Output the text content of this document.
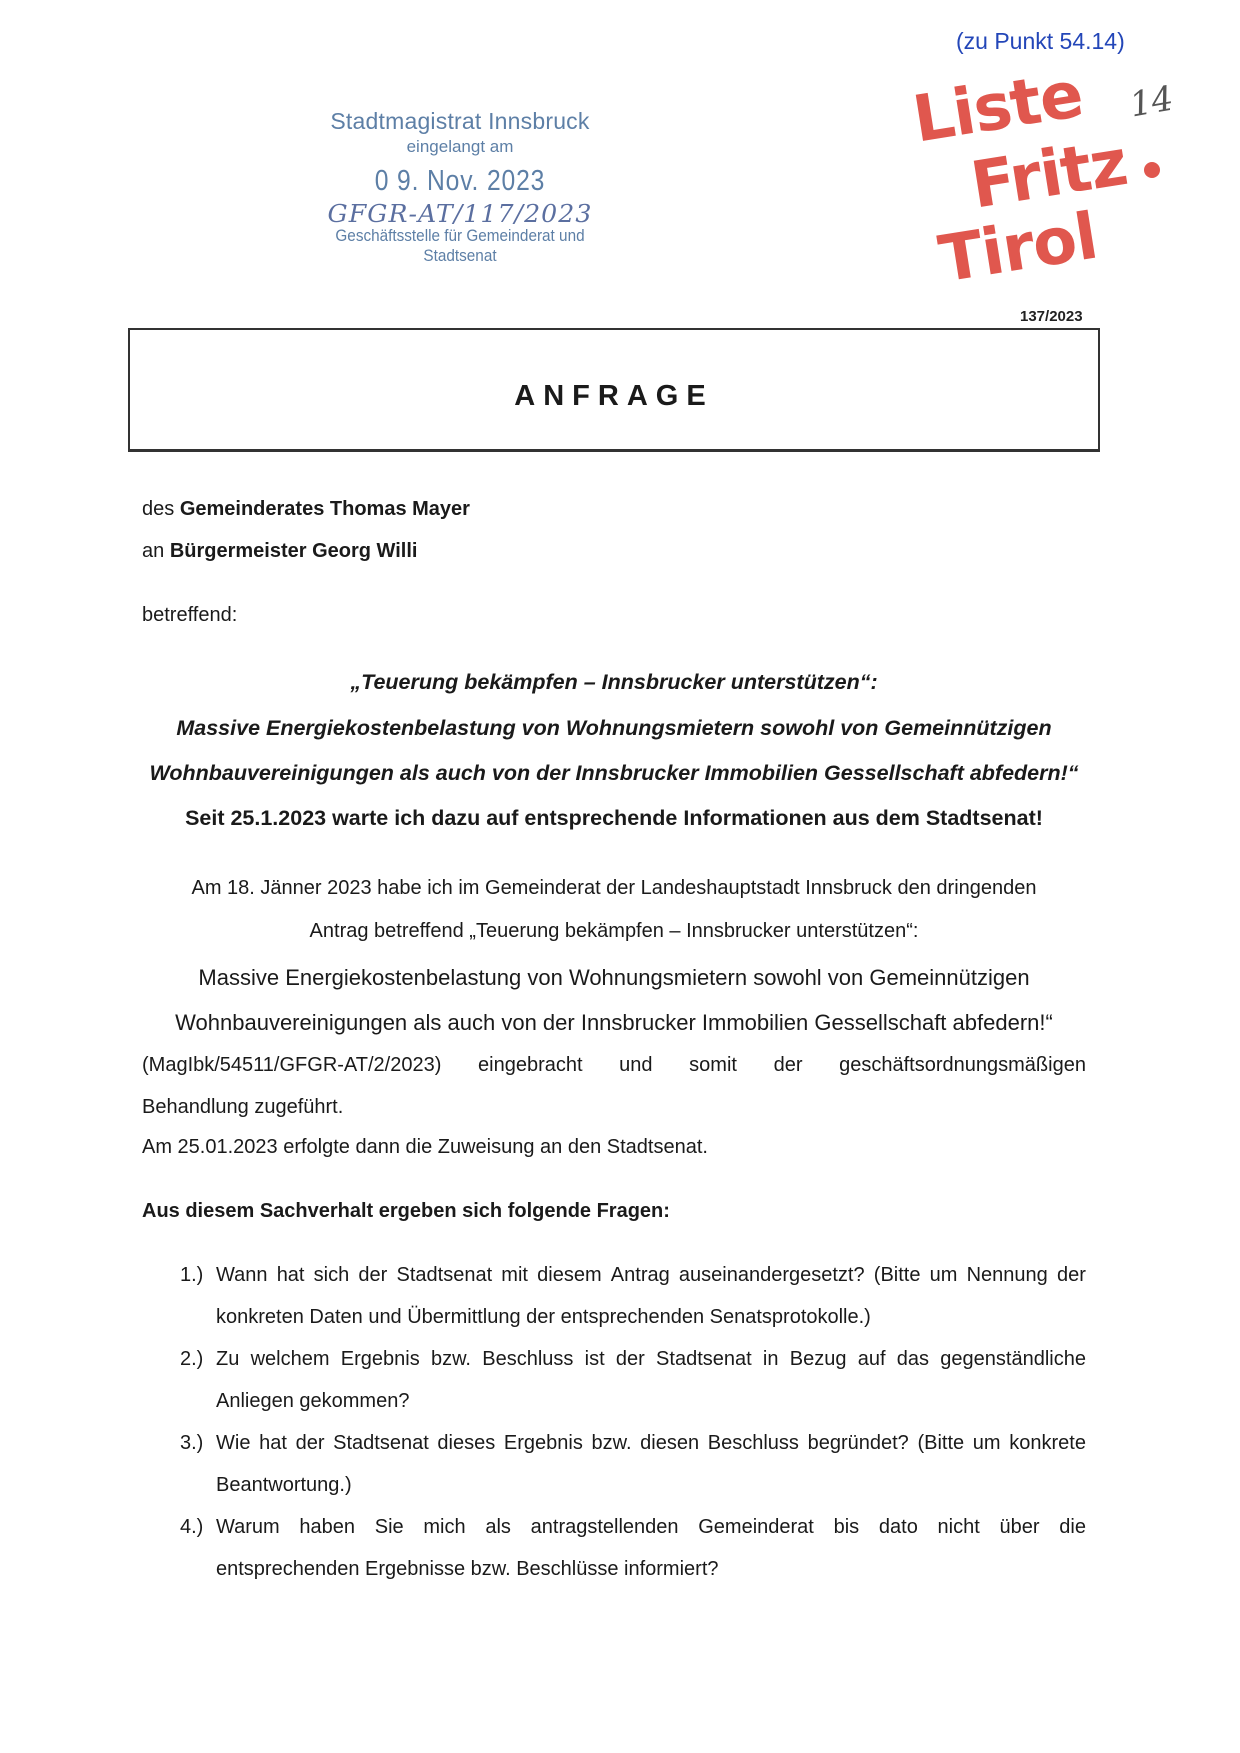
(zu Punkt 54.14)
Stadtmagistrat Innsbruck
eingelangt am
0 9. Nov. 2023
GFGR-AT/117/2023
Geschäftsstelle für Gemeinderat und Stadtsenat
Liste
Fritz
Tirol
14
137/2023
ANFRAGE
des Gemeinderates Thomas Mayer
an Bürgermeister Georg Willi
betreffend:
„Teuerung bekämpfen – Innsbrucker unterstützen“:
Massive Energiekostenbelastung von Wohnungsmietern sowohl von Gemeinnützigen
Wohnbauvereinigungen als auch von der Innsbrucker Immobilien Gessellschaft abfedern!“
Seit 25.1.2023 warte ich dazu auf entsprechende Informationen aus dem Stadtsenat!
Am 18. Jänner 2023 habe ich im Gemeinderat der Landeshauptstadt Innsbruck den dringenden
Antrag betreffend „Teuerung bekämpfen – Innsbrucker unterstützen“:
Massive Energiekostenbelastung von Wohnungsmietern sowohl von Gemeinnützigen
Wohnbauvereinigungen als auch von der Innsbrucker Immobilien Gessellschaft abfedern!“
(MagIbk/54511/GFGR-AT/2/2023) eingebracht und somit der geschäftsordnungsmäßigen
Behandlung zugeführt.
Am 25.01.2023 erfolgte dann die Zuweisung an den Stadtsenat.
Aus diesem Sachverhalt ergeben sich folgende Fragen:
1.) Wann hat sich der Stadtsenat mit diesem Antrag auseinandergesetzt? (Bitte um Nennung der
konkreten Daten und Übermittlung der entsprechenden Senatsprotokolle.)
2.) Zu welchem Ergebnis bzw. Beschluss ist der Stadtsenat in Bezug auf das gegenständliche
Anliegen gekommen?
3.) Wie hat der Stadtsenat dieses Ergebnis bzw. diesen Beschluss begründet? (Bitte um konkrete
Beantwortung.)
4.) Warum haben Sie mich als antragstellenden Gemeinderat bis dato nicht über die
entsprechenden Ergebnisse bzw. Beschlüsse informiert?
